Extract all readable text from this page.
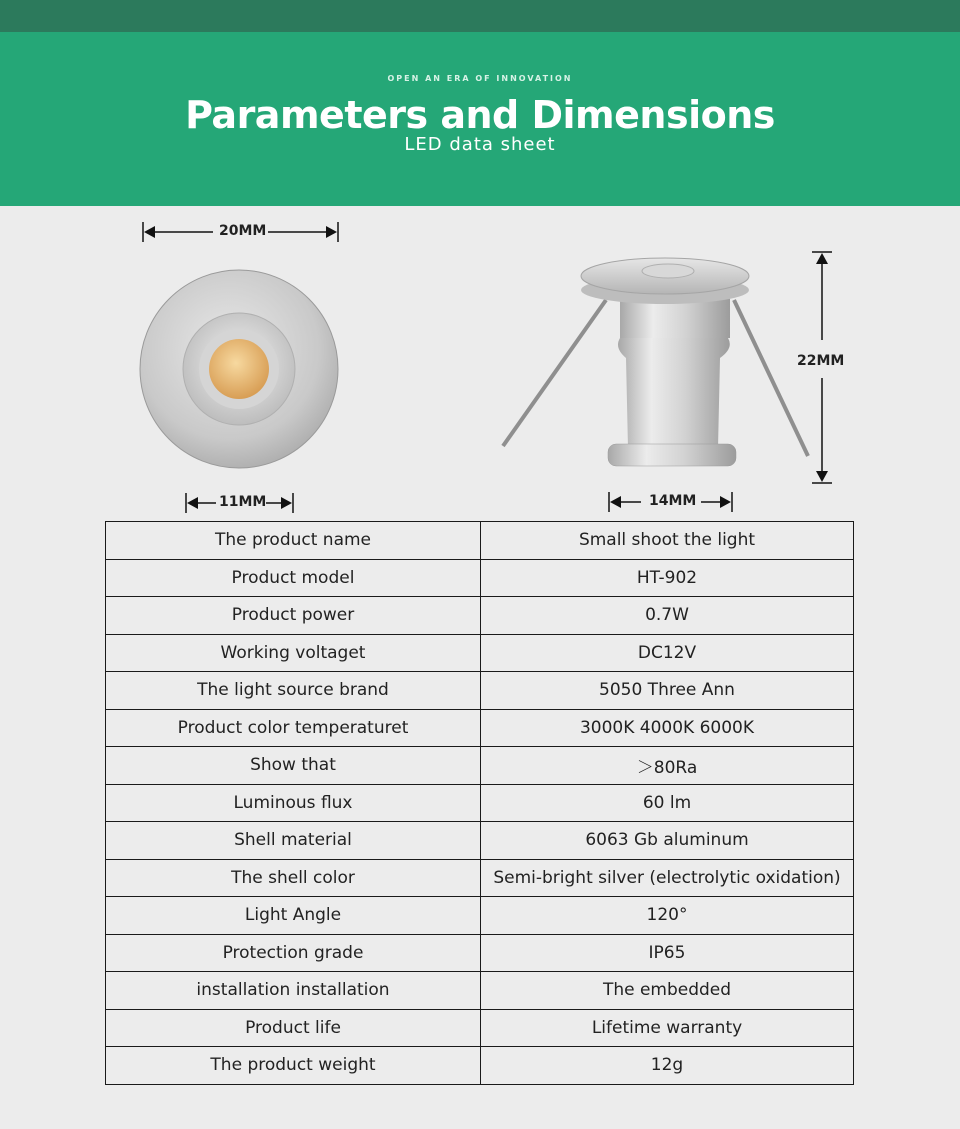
OPEN AN ERA OF INNOVATION
Parameters and Dimensions
LED data sheet
20MM
11MM
22MM
14MM
The product name	Small shoot the light
Product model	HT-902
Product power	0.7W
Working voltaget	DC12V
The light source brand	5050 Three Ann
Product color temperaturet	3000K 4000K 6000K
Show that	＞80Ra
Luminous flux	60 lm
Shell material	6063 Gb aluminum
The shell color	Semi-bright silver (electrolytic oxidation)
Light Angle	120°
Protection grade	IP65
installation installation	The embedded
Product life	Lifetime warranty
The product weight	12g
